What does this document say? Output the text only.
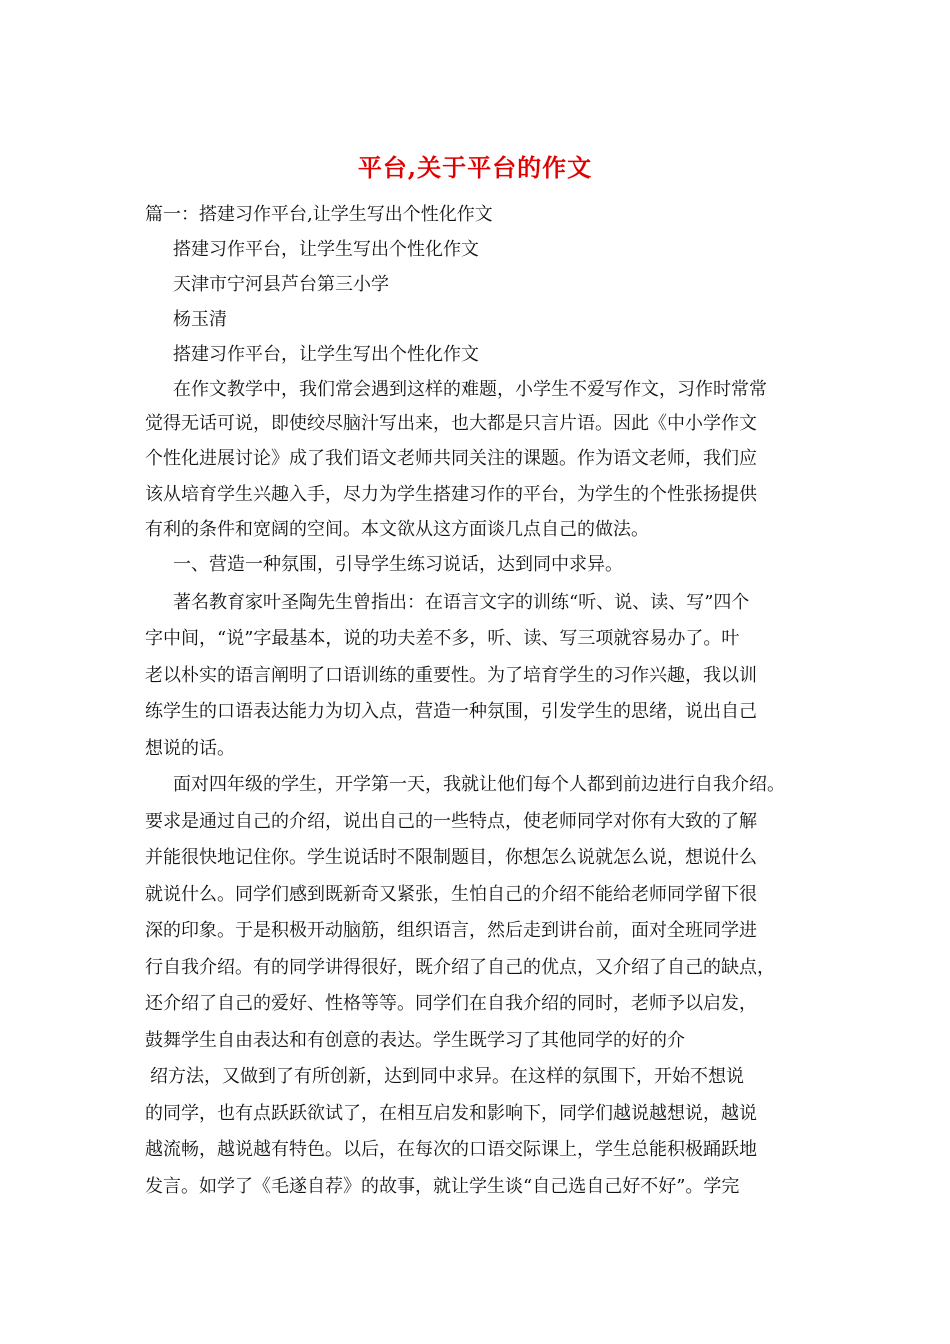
平台,关于平台的作文
篇一：搭建习作平台,让学生写出个性化作文
搭建习作平台，让学生写出个性化作文
天津市宁河县芦台第三小学
杨玉清
搭建习作平台，让学生写出个性化作文
在作文教学中，我们常会遇到这样的难题，小学生不爱写作文，习作时常常
觉得无话可说，即使绞尽脑汁写出来，也大都是只言片语。因此《中小学作文
个性化进展讨论》成了我们语文老师共同关注的课题。作为语文老师，我们应
该从培育学生兴趣入手，尽力为学生搭建习作的平台，为学生的个性张扬提供
有利的条件和宽阔的空间。本文欲从这方面谈几点自己的做法。
一、营造一种氛围，引导学生练习说话，达到同中求异。
著名教育家叶圣陶先生曾指出：在语言文字的训练“听、说、读、写”四个
字中间，“说”字最基本，说的功夫差不多，听、读、写三项就容易办了。叶
老以朴实的语言阐明了口语训练的重要性。为了培育学生的习作兴趣，我以训
练学生的口语表达能力为切入点，营造一种氛围，引发学生的思绪，说出自己
想说的话。
面对四年级的学生，开学第一天，我就让他们每个人都到前边进行自我介绍。
要求是通过自己的介绍，说出自己的一些特点，使老师同学对你有大致的了解
并能很快地记住你。学生说话时不限制题目，你想怎么说就怎么说，想说什么
就说什么。同学们感到既新奇又紧张，生怕自己的介绍不能给老师同学留下很
深的印象。于是积极开动脑筋，组织语言，然后走到讲台前，面对全班同学进
行自我介绍。有的同学讲得很好，既介绍了自己的优点，又介绍了自己的缺点，
还介绍了自己的爱好、性格等等。同学们在自我介绍的同时，老师予以启发，
鼓舞学生自由表达和有创意的表达。学生既学习了其他同学的好的介
绍方法，又做到了有所创新，达到同中求异。在这样的氛围下，开始不想说
的同学，也有点跃跃欲试了，在相互启发和影响下，同学们越说越想说，越说
越流畅，越说越有特色。以后，在每次的口语交际课上，学生总能积极踊跃地
发言。如学了《毛遂自荐》的故事，就让学生谈“自己选自己好不好”。学完
